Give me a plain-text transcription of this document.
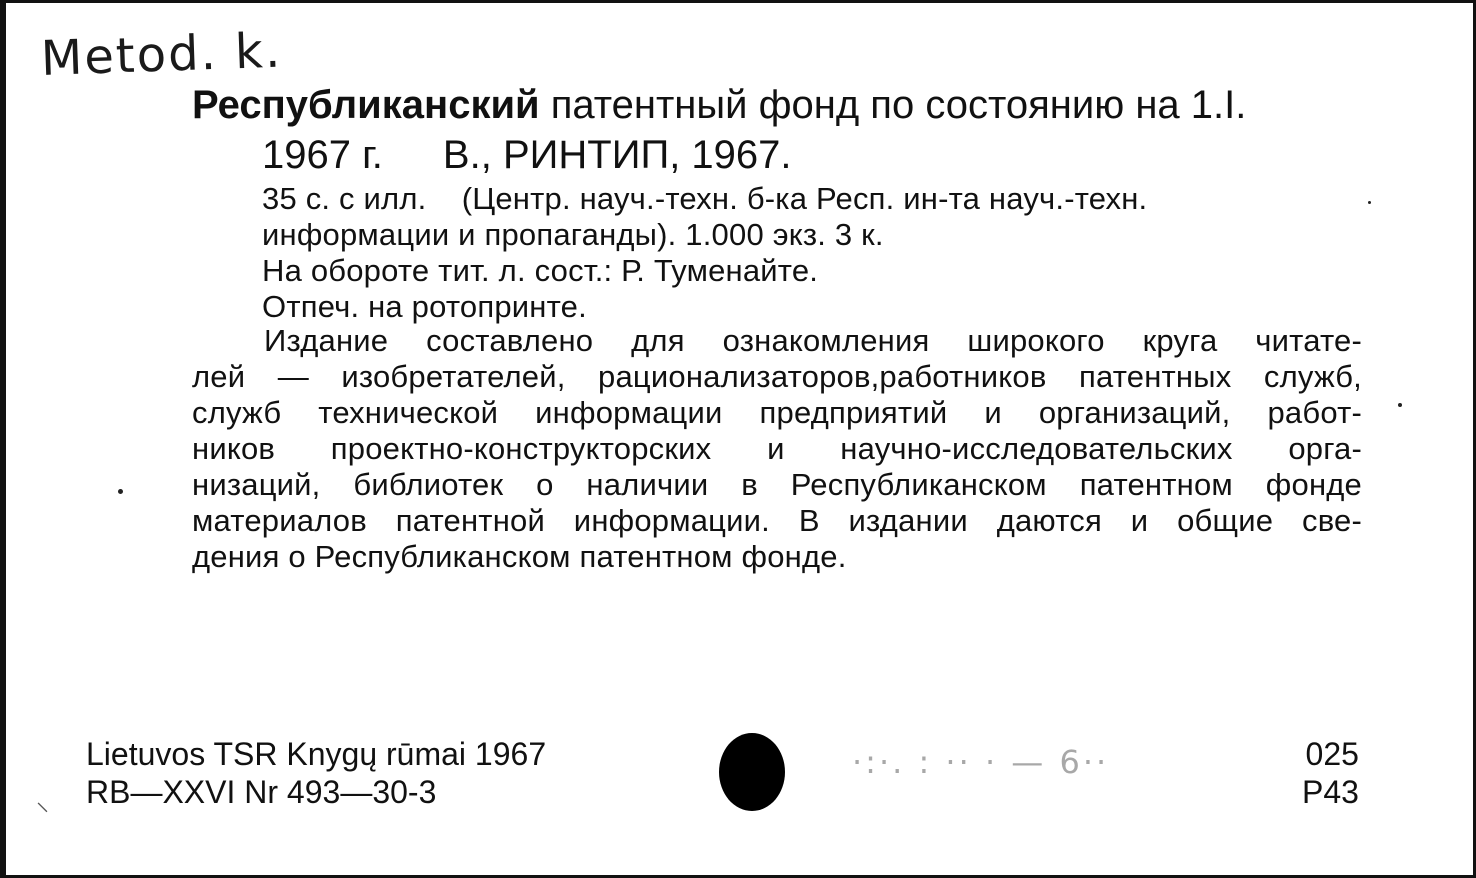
Metod. k.
Республиканский патентный фонд по состоянию на 1.I.
1967 г. В., РИНТИП, 1967.
35 с. с илл.    (Центр. науч.-техн. б-ка Респ. ин-та науч.-техн.
информации и пропаганды). 1.000 экз. 3 к.
На обороте тит. л. сост.: Р. Туменайте.
Отпеч. на ротопринте.
Издание составлено для ознакомления широкого круга читате-
лей — изобретателей, рационализаторов,работников патентных служб,
служб технической информации предприятий и организаций, работ-
ников проектно-конструкторских и научно-исследовательских орга-
низаций, библиотек о наличии в Республиканском патентном фонде
материалов патентной информации. В издании даются и общие све-
дения о Республиканском патентном фонде.
Lietuvos TSR Knygų rūmai 1967
RB—XXVI Nr 493—30-3
·:·. : ·· · — 6··	025
P43
⸌
